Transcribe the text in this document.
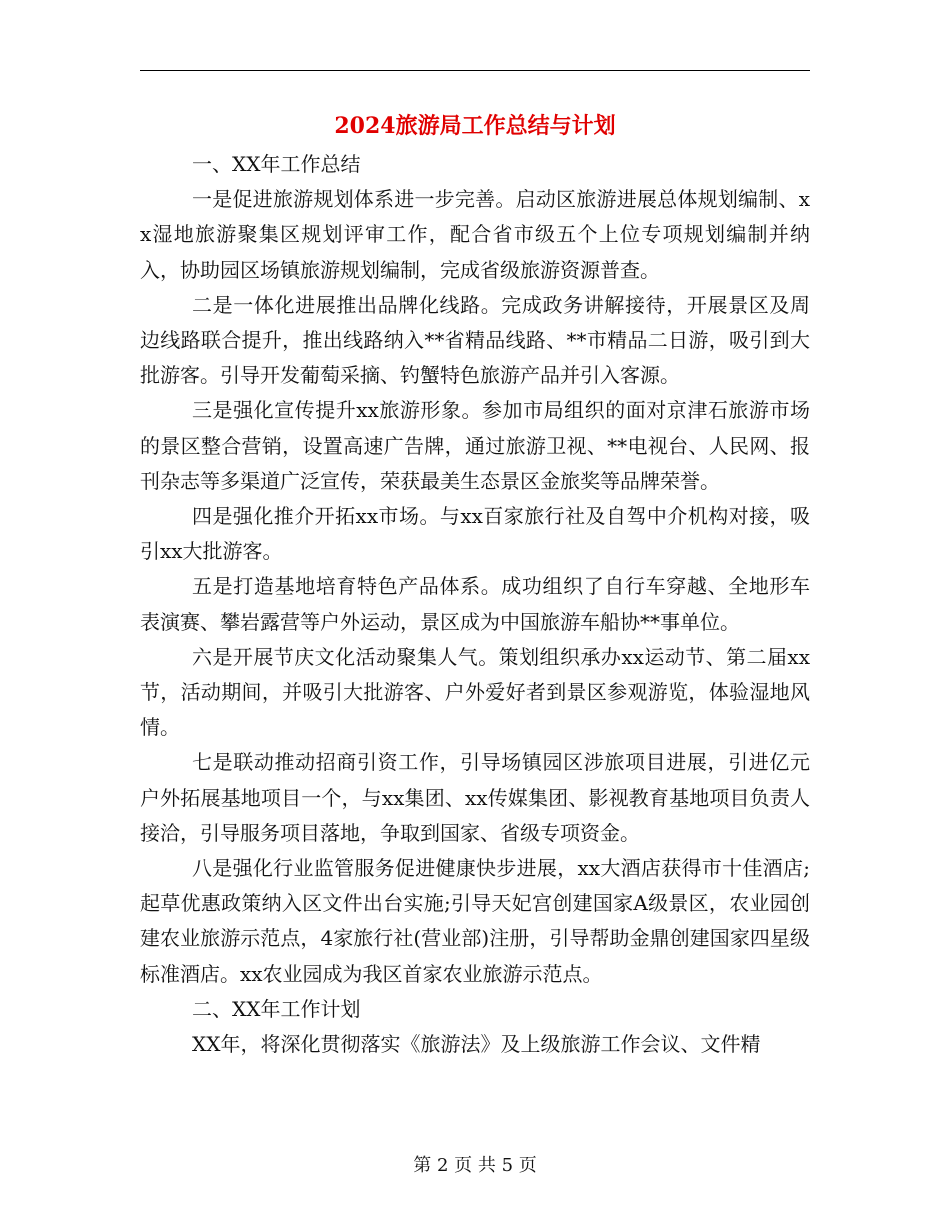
2024旅游局工作总结与计划

一、XX年工作总结

一是促进旅游规划体系进一步完善。启动区旅游进展总体规划编制、xx湿地旅游聚集区规划评审工作，配合省市级五个上位专项规划编制并纳入，协助园区场镇旅游规划编制，完成省级旅游资源普查。

二是一体化进展推出品牌化线路。完成政务讲解接待，开展景区及周边线路联合提升，推出线路纳入**省精品线路、**市精品二日游，吸引到大批游客。引导开发葡萄采摘、钓蟹特色旅游产品并引入客源。

三是强化宣传提升xx旅游形象。参加市局组织的面对京津石旅游市场的景区整合营销，设置高速广告牌，通过旅游卫视、**电视台、人民网、报刊杂志等多渠道广泛宣传，荣获最美生态景区金旅奖等品牌荣誉。

四是强化推介开拓xx市场。与xx百家旅行社及自驾中介机构对接，吸引xx大批游客。

五是打造基地培育特色产品体系。成功组织了自行车穿越、全地形车表演赛、攀岩露营等户外运动，景区成为中国旅游车船协**事单位。

六是开展节庆文化活动聚集人气。策划组织承办xx运动节、第二届xx节，活动期间，并吸引大批游客、户外爱好者到景区参观游览，体验湿地风情。

七是联动推动招商引资工作，引导场镇园区涉旅项目进展，引进亿元户外拓展基地项目一个，与xx集团、xx传媒集团、影视教育基地项目负责人接洽，引导服务项目落地，争取到国家、省级专项资金。

八是强化行业监管服务促进健康快步进展，xx大酒店获得市十佳酒店;起草优惠政策纳入区文件出台实施;引导天妃宫创建国家A级景区，农业园创建农业旅游示范点，4家旅行社(营业部)注册，引导帮助金鼎创建国家四星级标准酒店。xx农业园成为我区首家农业旅游示范点。

二、XX年工作计划

XX年，将深化贯彻落实《旅游法》及上级旅游工作会议、文件精

第 2 页 共 5 页
